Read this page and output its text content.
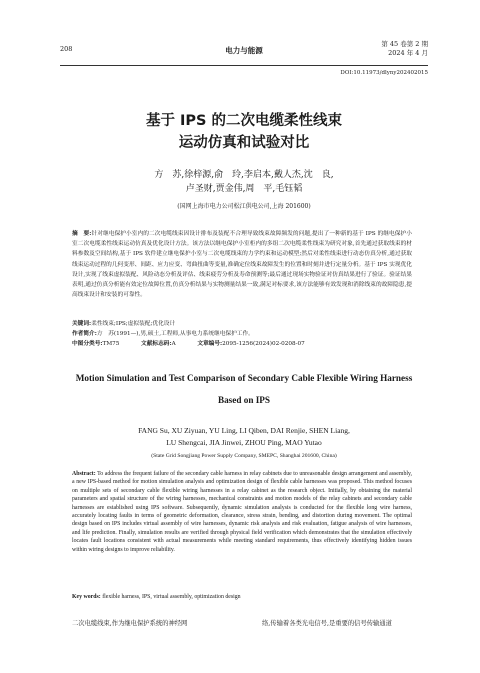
208	电力与能源
第 45 卷第 2 期
2024 年 4 月
DOI:10.11973/dlyny202402015
基于 IPS 的二次电缆柔性线束
运动仿真和试验对比
方　苏,徐梓源,俞　玲,李启本,戴人杰,沈　良,
卢圣财,贾金伟,周　平,毛钰韬
(国网上海市电力公司松江供电公司,上海 201600)
摘　要:针对继电保护小室内的二次电缆线束因设计排布及装配不合理导致线束故障频发的问题,提出了一种新的基于 IPS 的继电保护小室二次电缆柔性线束运动仿真及优化设计方法。该方法以继电保护小室柜内的多组二次电缆柔性线束为研究对象,首先通过获取线束的材料参数及空间结构,基于 IPS 软件建立继电保护小室与二次电缆线束的力学约束和运动模型;然后对柔性线束进行动态仿真分析,通过获取线束运动过程的几何变形、间距、应力应变、弯曲扭曲等变量,准确定位线束故障发生的位置和时刻并进行定量分析。基于 IPS 实现优化设计,实现了线束虚拟装配、风险动态分析及评估、线束疲劳分析及寿命预测等;最后通过现场实物验证对仿真结果进行了验证。验证结果表明,通过仿真分析能有效定位故障位置,仿真分析结果与实物测量结果一致,满足对标要求,该方法能够有效发现和消除线束的故障隐患,提高线束设计和安装的可靠性。
关键词:柔性线束;IPS;虚拟装配;优化设计
作者简介:方　苏(1991—),男,硕士,工程师,从事电力系统继电保护工作。
中图分类号:TM75	文献标志码:A	文章编号:2095-1256(2024)02-0208-07
Motion Simulation and Test Comparison of Secondary Cable Flexible Wiring Harness
Based on IPS
FANG Su, XU Ziyuan, YU Ling, LI Qiben, DAI Renjie, SHEN Liang,
LU Shengcai, JIA Jinwei, ZHOU Ping, MAO Yutao
(State Grid Songjiang Power Supply Company, SMEPC, Shanghai 201600, China)
Abstract: To address the frequent failure of the secondary cable harness in relay cabinets due to unreasonable design arrangement and assembly, a new IPS-based method for motion simulation analysis and optimization design of flexible cable harnesses was proposed. This method focuses on multiple sets of secondary cable flexible wiring harnesses in a relay cabinet as the research object. Initially, by obtaining the material parameters and spatial structure of the wiring harnesses, mechanical constraints and motion models of the relay cabinets and secondary cable harnesses are established using IPS software. Subsequently, dynamic simulation analysis is conducted for the flexible long wire harness, accurately locating faults in terms of geometric deformation, clearance, stress strain, bending, and distortion during movement. The optimal design based on IPS includes virtual assembly of wire harnesses, dynamic risk analysis and risk evaluation, fatigue analysis of wire harnesses, and life prediction. Finally, simulation results are verified through physical field verification which demonstrates that the simulation effectively locates fault locations consistent with actual measurements while meeting standard requirements, thus effectively identifying hidden issues within wiring designs to improve reliability.
Key words: flexible harness, IPS, virtual assembly, optimization design
二次电缆线束,作为继电保护系统的神经网	络,传输着各类光电信号,是重要的信号传输通道
